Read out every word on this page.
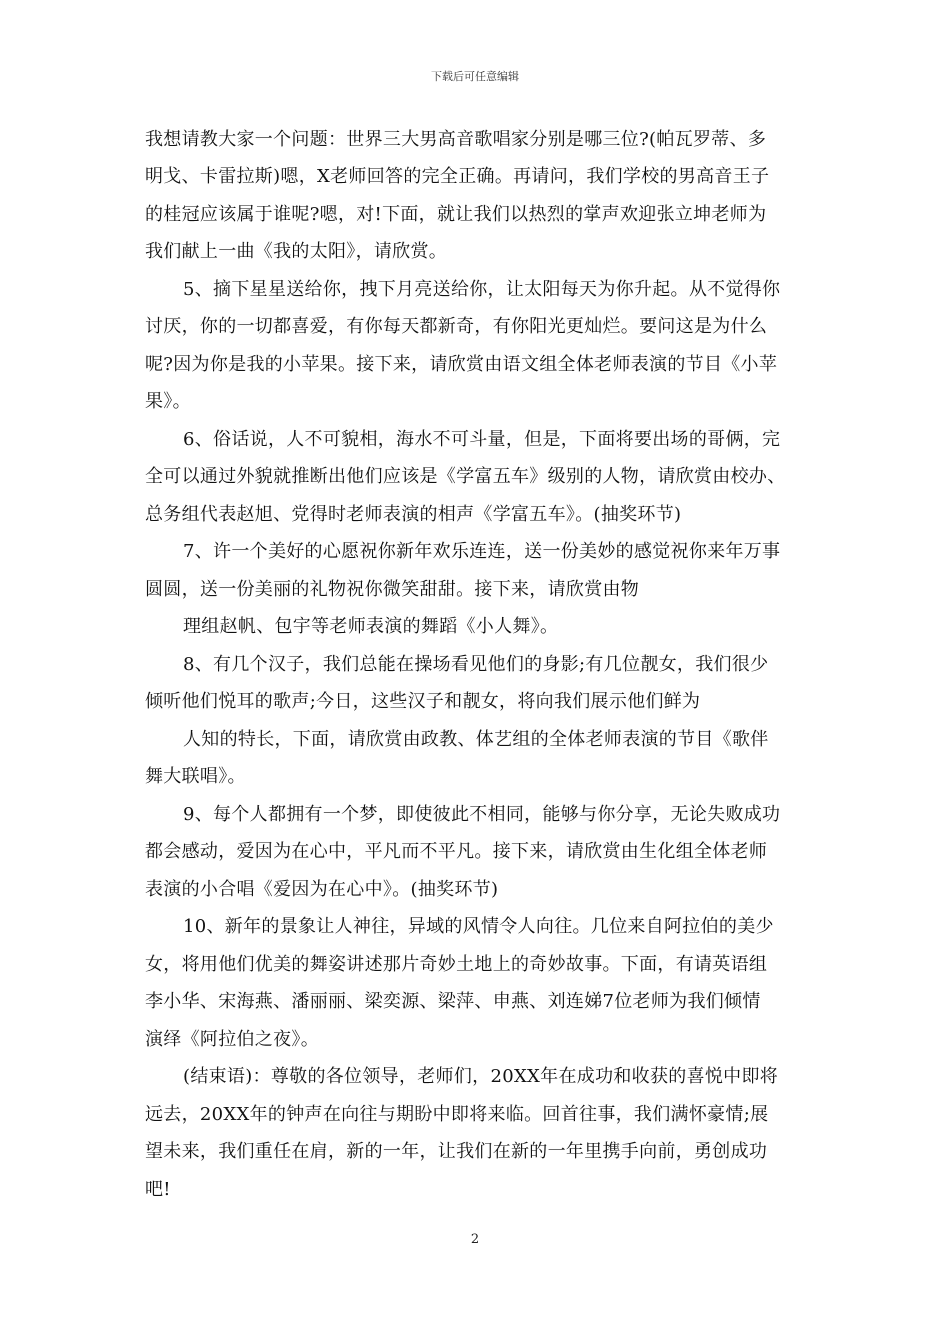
下载后可任意编辑
我想请教大家一个问题：世界三大男高音歌唱家分别是哪三位?(帕瓦罗蒂、多
明戈、卡雷拉斯)嗯，X老师回答的完全正确。再请问，我们学校的男高音王子
的桂冠应该属于谁呢?嗯，对!下面，就让我们以热烈的掌声欢迎张立坤老师为
我们献上一曲《我的太阳》，请欣赏。
5、摘下星星送给你，拽下月亮送给你，让太阳每天为你升起。从不觉得你
讨厌，你的一切都喜爱，有你每天都新奇，有你阳光更灿烂。要问这是为什么
呢?因为你是我的小苹果。接下来，请欣赏由语文组全体老师表演的节目《小苹
果》。
6、俗话说，人不可貌相，海水不可斗量，但是，下面将要出场的哥俩，完
全可以通过外貌就推断出他们应该是《学富五车》级别的人物，请欣赏由校办、
总务组代表赵旭、党得时老师表演的相声《学富五车》。(抽奖环节)
7、许一个美好的心愿祝你新年欢乐连连，送一份美妙的感觉祝你来年万事
圆圆，送一份美丽的礼物祝你微笑甜甜。接下来，请欣赏由物
理组赵帆、包宇等老师表演的舞蹈《小人舞》。
8、有几个汉子，我们总能在操场看见他们的身影;有几位靓女，我们很少
倾听他们悦耳的歌声;今日，这些汉子和靓女，将向我们展示他们鲜为
人知的特长，下面，请欣赏由政教、体艺组的全体老师表演的节目《歌伴
舞大联唱》。
9、每个人都拥有一个梦，即使彼此不相同，能够与你分享，无论失败成功
都会感动，爱因为在心中，平凡而不平凡。接下来，请欣赏由生化组全体老师
表演的小合唱《爱因为在心中》。(抽奖环节)
10、新年的景象让人神往，异域的风情令人向往。几位来自阿拉伯的美少
女，将用他们优美的舞姿讲述那片奇妙土地上的奇妙故事。下面，有请英语组
李小华、宋海燕、潘丽丽、梁奕源、梁萍、申燕、刘连娣7位老师为我们倾情
演绎《阿拉伯之夜》。
(结束语)：尊敬的各位领导，老师们，20XX年在成功和收获的喜悦中即将
远去，20XX年的钟声在向往与期盼中即将来临。回首往事，我们满怀豪情;展
望未来，我们重任在肩，新的一年，让我们在新的一年里携手向前，勇创成功
吧!
2
